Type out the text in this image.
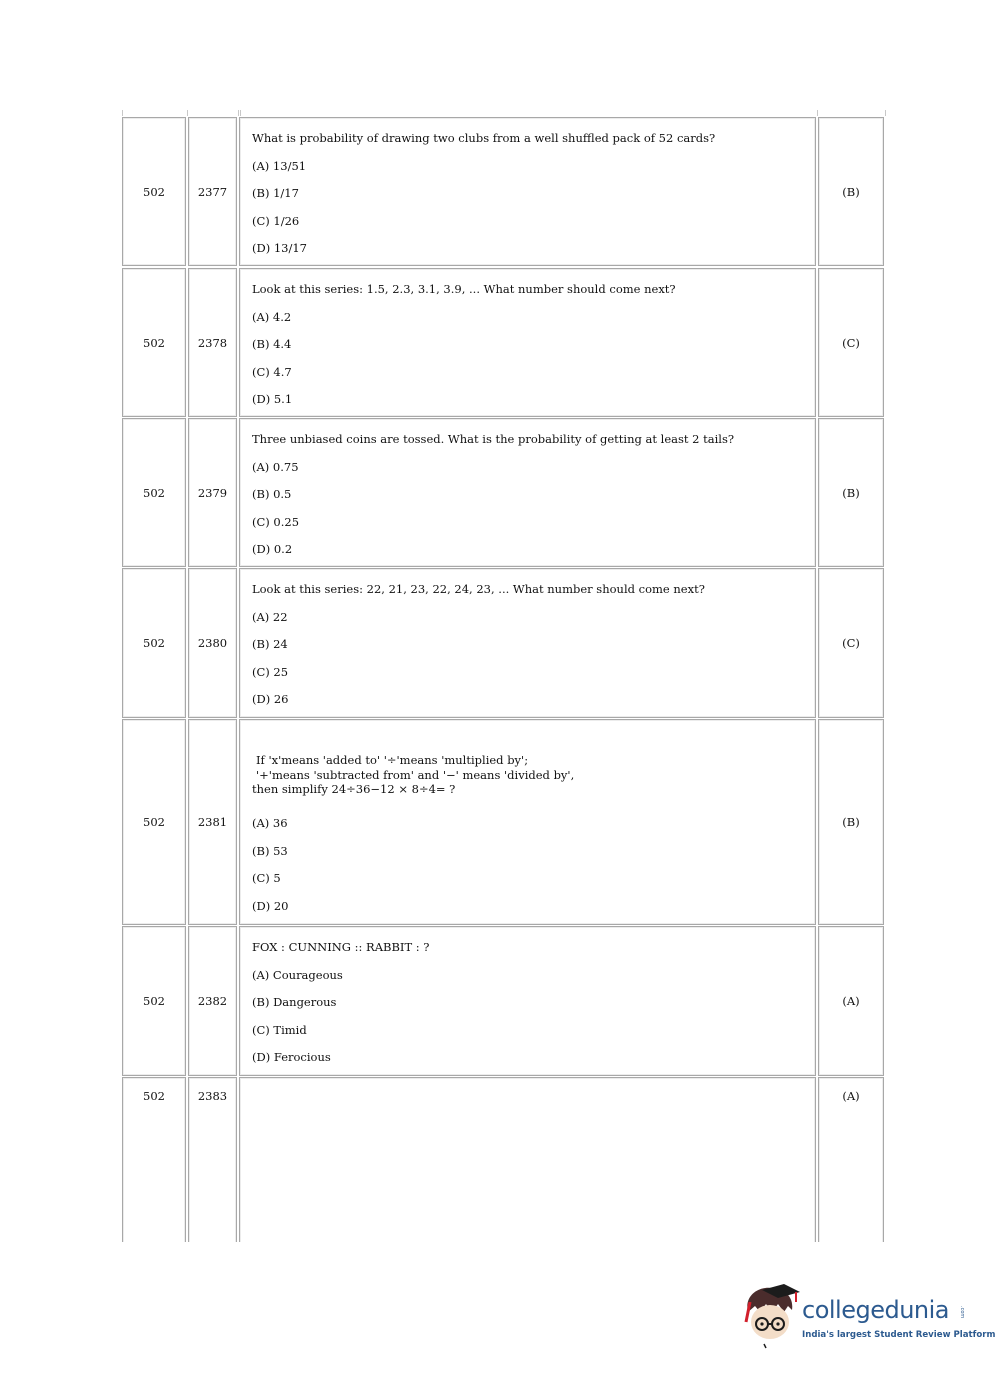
502	2377
What is probability of drawing two clubs from a well shuffled pack of 52 cards?
(A) 13/51
(B) 1/17
(C) 1/26
(D) 13/17
(B)
502	2378
Look at this series: 1.5, 2.3, 3.1, 3.9, ... What number should come next?
(A) 4.2
(B) 4.4
(C) 4.7
(D) 5.1
(C)
502	2379
Three unbiased coins are tossed. What is the probability of getting at least 2 tails?
(A) 0.75
(B) 0.5
(C) 0.25
(D) 0.2
(B)
502	2380
Look at this series: 22, 21, 23, 22, 24, 23, ... What number should come next?
(A) 22
(B) 24
(C) 25
(D) 26
(C)
502	2381
If 'x'means 'added to' '÷'means 'multiplied by';
'+'means 'subtracted from' and '−' means 'divided by',
then simplify 24÷36−12 × 8÷4= ?
(A) 36
(B) 53
(C) 5
(D) 20
(B)
502	2382
FOX : CUNNING :: RABBIT : ?
(A) Courageous
(B) Dangerous
(C) Timid
(D) Ferocious
(A)
502	2383	(A)
collegedunia .com
India's largest Student Review Platform
